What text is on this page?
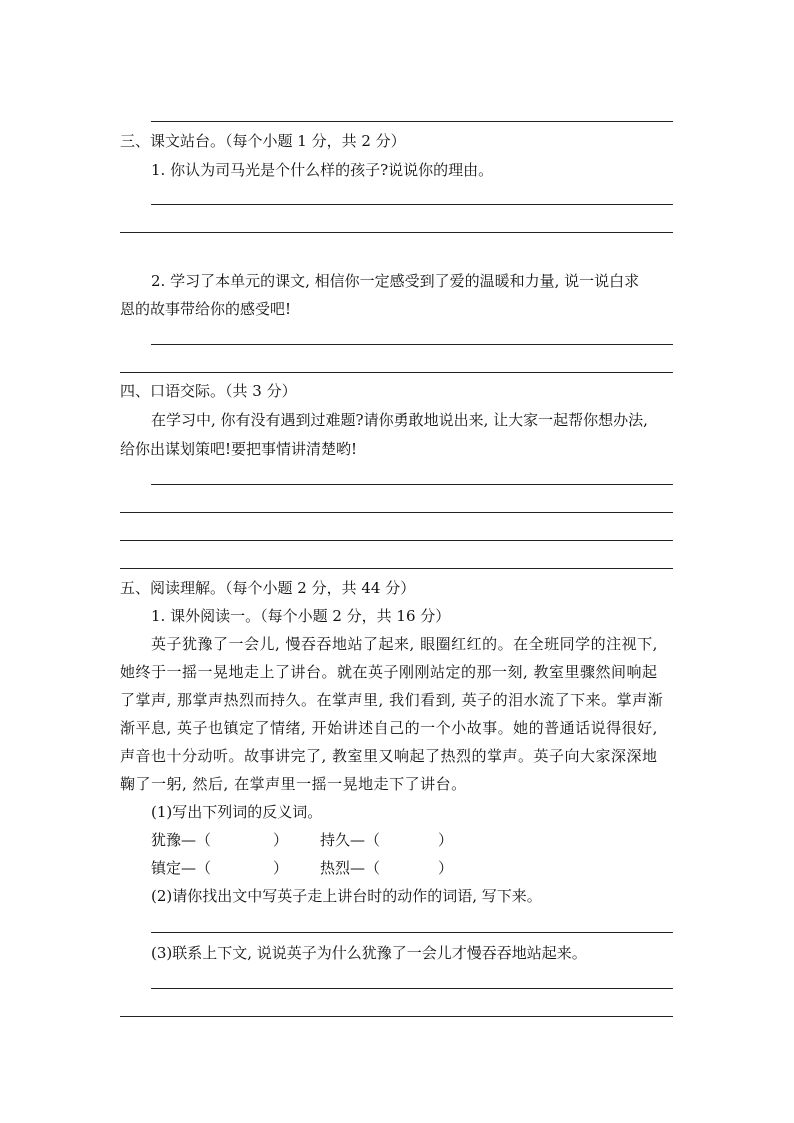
三、课文站台。（每个小题 1 分，共 2 分）
1. 你认为司马光是个什么样的孩子?说说你的理由。
2. 学习了本单元的课文, 相信你一定感受到了爱的温暖和力量, 说一说白求
恩的故事带给你的感受吧!
四、口语交际。（共 3 分）
在学习中, 你有没有遇到过难题?请你勇敢地说出来, 让大家一起帮你想办法,
给你出谋划策吧!要把事情讲清楚哟!
五、阅读理解。（每个小题 2 分，共 44 分）
1. 课外阅读一。（每个小题 2 分，共 16 分）
英子犹豫了一会儿, 慢吞吞地站了起来, 眼圈红红的。在全班同学的注视下,
她终于一摇一晃地走上了讲台。就在英子刚刚站定的那一刻, 教室里骤然间响起
了掌声, 那掌声热烈而持久。在掌声里, 我们看到, 英子的泪水流了下来。掌声渐
渐平息, 英子也镇定了情绪, 开始讲述自己的一个小故事。她的普通话说得很好,
声音也十分动听。故事讲完了, 教室里又响起了热烈的掌声。英子向大家深深地
鞠了一躬, 然后, 在掌声里一摇一晃地走下了讲台。
(1)写出下列词的反义词。
犹豫—（	） 持久—（	）
镇定—（	） 热烈—（	）
(2)请你找出文中写英子走上讲台时的动作的词语, 写下来。
(3)联系上下文, 说说英子为什么犹豫了一会儿才慢吞吞地站起来。
